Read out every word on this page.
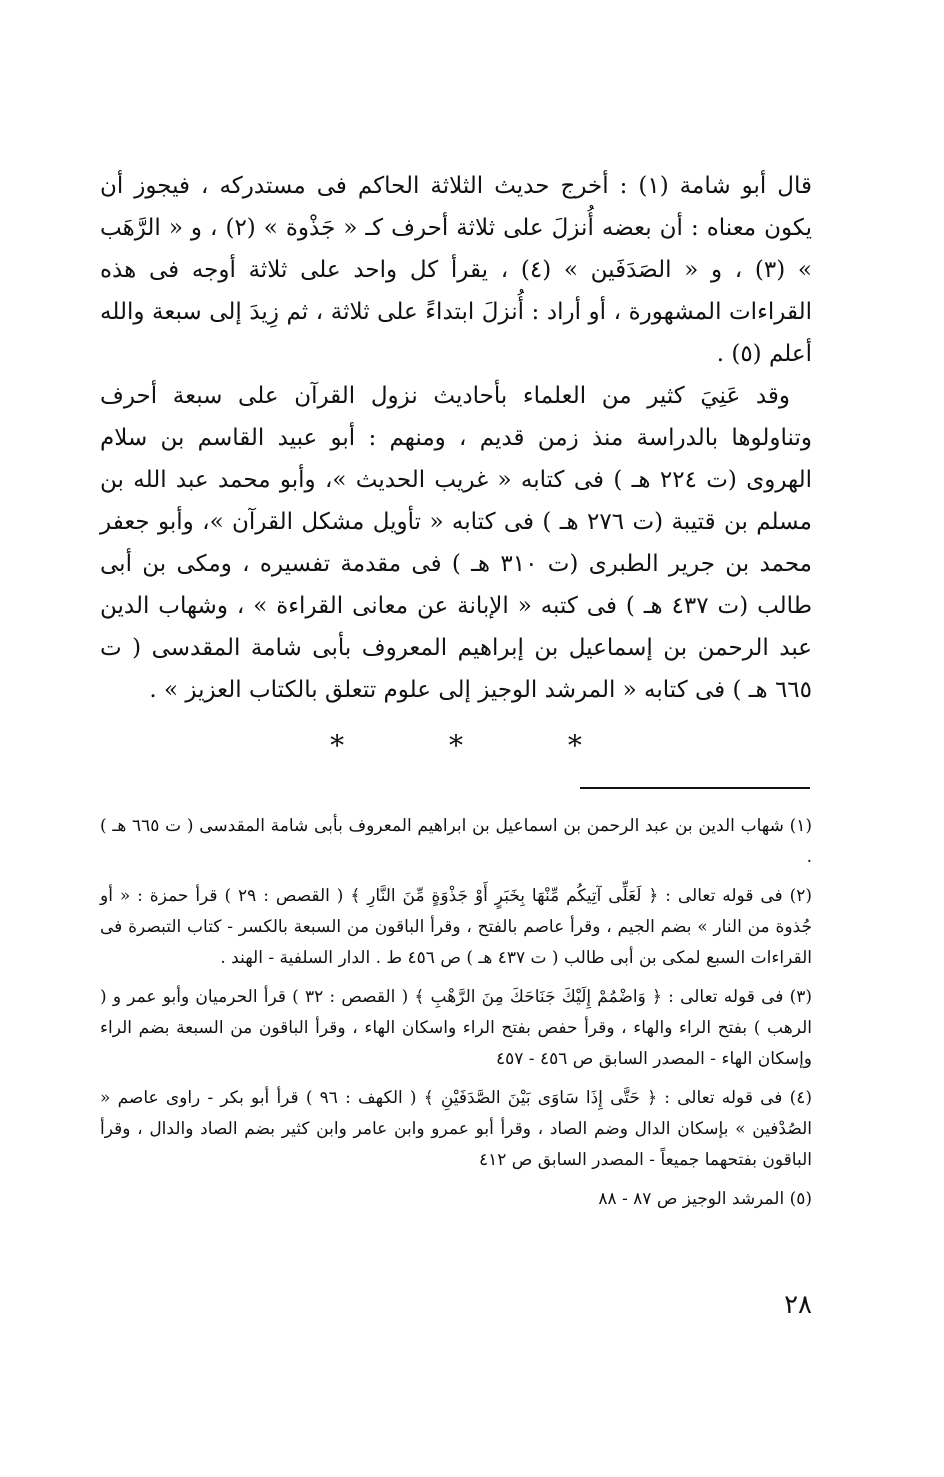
قال أبو شامة (١) : أخرج حديث الثلاثة الحاكم فى مستدركه ، فيجوز أن يكون معناه : أن بعضه أُنزلَ على ثلاثة أحرف كـ « جَذْوة » (٢) ، و « الرَّهَب » (٣) ، و « الصَدَفَين » (٤) ، يقرأ كل واحد على ثلاثة أوجه فى هذه القراءات المشهورة ، أو أراد : أُنزلَ ابتداءً على ثلاثة ، ثم زِيدَ إلى سبعة والله أعلم (٥) .

وقد عَنِيَ كثير من العلماء بأحاديث نزول القرآن على سبعة أحرف وتناولوها بالدراسة منذ زمن قديم ، ومنهم : أبو عبيد القاسم بن سلام الهروى (ت ٢٢٤ هـ ) فى كتابه « غريب الحديث »، وأبو محمد عبد الله بن مسلم بن قتيبة (ت ٢٧٦ هـ ) فى كتابه « تأويل مشكل القرآن »، وأبو جعفر محمد بن جرير الطبرى (ت ٣١٠ هـ ) فى مقدمة تفسيره ، ومكى بن أبى طالب (ت ٤٣٧ هـ ) فى كتبه « الإبانة عن معانى القراءة » ، وشهاب الدين عبد الرحمن بن إسماعيل بن إبراهيم المعروف بأبى شامة المقدسى ( ت ٦٦٥ هـ ) فى كتابه « المرشد الوجيز إلى علوم تتعلق بالكتاب العزيز » .

* * *

(١) شهاب الدين بن عبد الرحمن بن اسماعيل بن ابراهيم المعروف بأبى شامة المقدسى ( ت ٦٦٥ هـ ) .

(٢) فى قوله تعالى : ﴿ لَعَلِّى آتِيكُم مِّنْهَا بِخَبَرٍ أَوْ جَذْوَةٍ مِّنَ النَّارِ ﴾ ( القصص : ٢٩ ) قرأ حمزة : « أو جُذوة من النار » بضم الجيم ، وقرأ عاصم بالفتح ، وقرأ الباقون من السبعة بالكسر - كتاب التبصرة فى القراءات السبع لمكى بن أبى طالب ( ت ٤٣٧ هـ ) ص ٤٥٦ ط . الدار السلفية - الهند .

(٣) فى قوله تعالى : ﴿ وَاضْمُمْ إِلَيْكَ جَنَاحَكَ مِنَ الرَّهْبِ ﴾ ( القصص : ٣٢ ) قرأ الحرميان وأبو عمر و ( الرهب ) بفتح الراء والهاء ، وقرأ حفص بفتح الراء واسكان الهاء ، وقرأ الباقون من السبعة بضم الراء وإسكان الهاء - المصدر السابق ص ٤٥٦ - ٤٥٧

(٤) فى قوله تعالى : ﴿ حَتَّى إِذَا سَاوَى بَيْنَ الصَّدَفَيْنِ ﴾ ( الكهف : ٩٦ ) قرأ أبو بكر - راوى عاصم « الصُدْفين » بإسكان الدال وضم الصاد ، وقرأ أبو عمرو وابن عامر وابن كثير بضم الصاد والدال ، وقرأ الباقون بفتحهما جميعاً - المصدر السابق ص ٤١٢

(٥) المرشد الوجيز ص ٨٧ - ٨٨

٢٨
